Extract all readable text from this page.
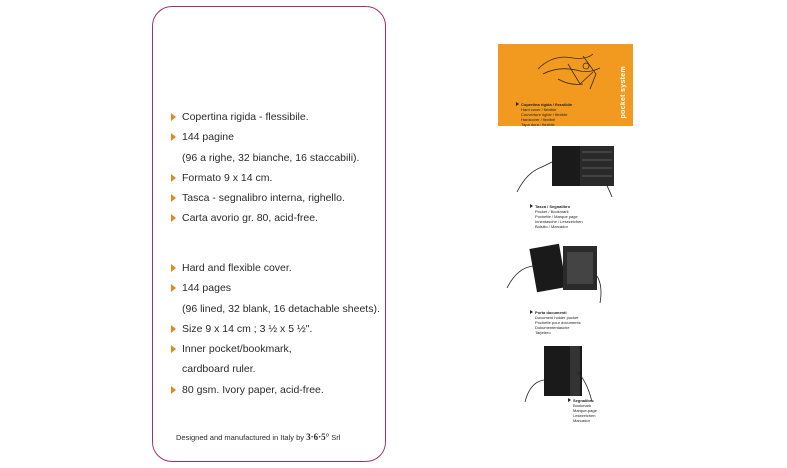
Copertina rigida - flessibile.
144 pagine
(96 a righe, 32 bianche, 16 staccabili).
Formato 9 x 14 cm.
Tasca - segnalibro interna, righello.
Carta avorio gr. 80, acid-free.
Hard and flexible cover.
144 pages
(96 lined, 32 blank, 16 detachable sheets).
Size 9 x 14 cm ; 3 ½ x 5 ½".
Inner pocket/bookmark,
cardboard ruler.
80 gsm. Ivory paper, acid-free.
Designed and manufactured in Italy by 3·6·5° Srl
pocket system
Copertina rigida / flessibile
Hard cover / flexible
Couverture rigide / flexible
Hardcover / flexibel
Tapa dura / flexible
Tasca / Segnalibro
Pocket / Bookmark
Pochette / Marque page
Innentasche / Lesezeichen
Bolsillo / Marcador
Porta documenti
Document holder pocket
Pochette pour documents
Dokumententasche
Tarjetero
Segnalibro
Bookmark
Marque-page
Lesezeichen
Marcador
